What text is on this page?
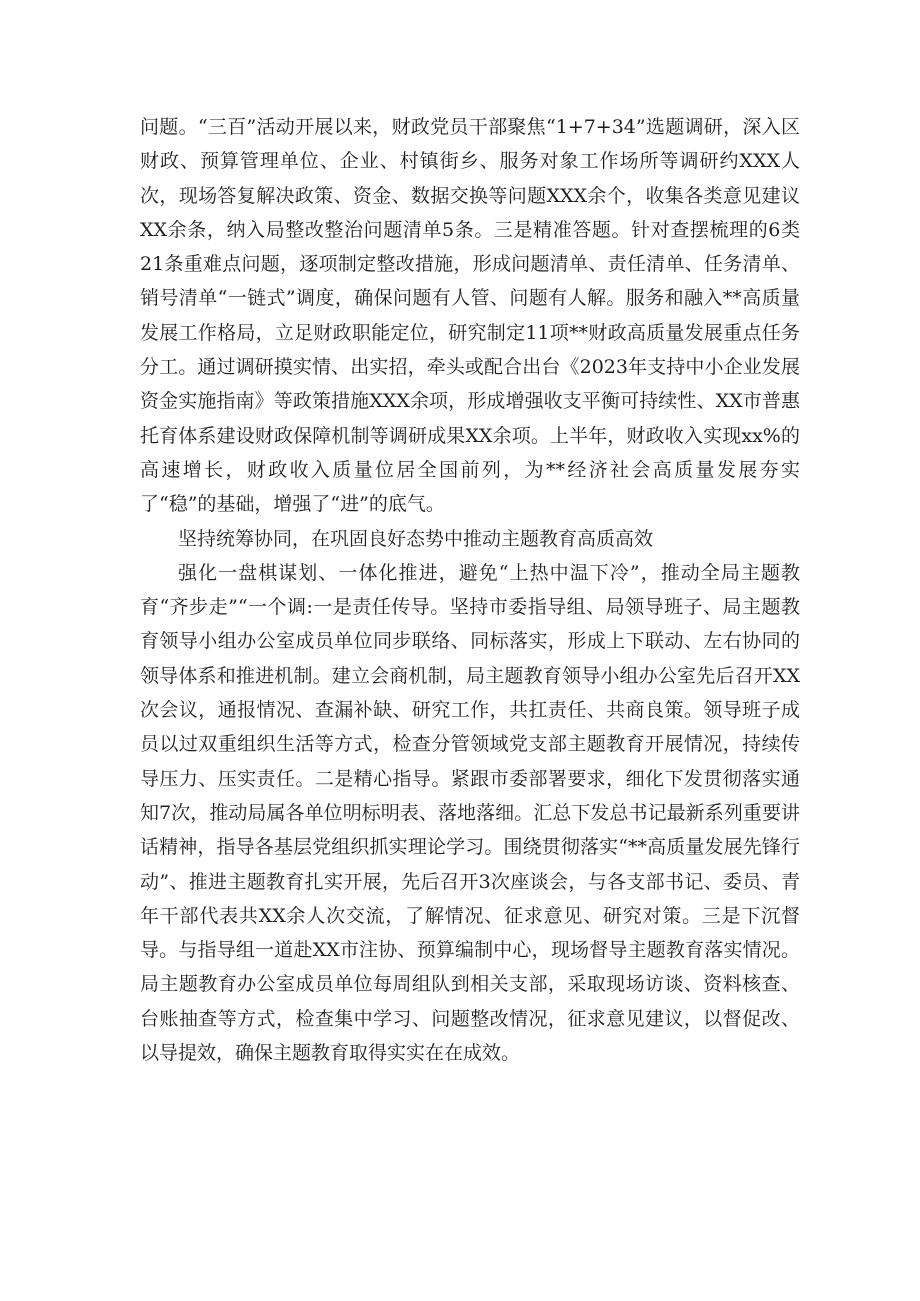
问题。“三百”活动开展以来，财政党员干部聚焦“1+7+34”选题调研，深入区财政、预算管理单位、企业、村镇街乡、服务对象工作场所等调研约XXX人次，现场答复解决政策、资金、数据交换等问题XXX余个，收集各类意见建议XX余条，纳入局整改整治问题清单5条。三是精准答题。针对查摆梳理的6类21条重难点问题，逐项制定整改措施，形成问题清单、责任清单、任务清单、销号清单“一链式”调度，确保问题有人管、问题有人解。服务和融入**高质量发展工作格局，立足财政职能定位，研究制定11项**财政高质量发展重点任务分工。通过调研摸实情、出实招，牵头或配合出台《2023年支持中小企业发展资金实施指南》等政策措施XXX余项，形成增强收支平衡可持续性、XX市普惠托育体系建设财政保障机制等调研成果XX余项。上半年，财政收入实现xx%的高速增长，财政收入质量位居全国前列，为**经济社会高质量发展夯实了“稳”的基础，增强了“进”的底气。

坚持统筹协同，在巩固良好态势中推动主题教育高质高效

强化一盘棋谋划、一体化推进，避免“上热中温下冷”，推动全局主题教育“齐步走”“一个调:一是责任传导。坚持市委指导组、局领导班子、局主题教育领导小组办公室成员单位同步联络、同标落实，形成上下联动、左右协同的领导体系和推进机制。建立会商机制，局主题教育领导小组办公室先后召开XX次会议，通报情况、查漏补缺、研究工作，共扛责任、共商良策。领导班子成员以过双重组织生活等方式，检查分管领域党支部主题教育开展情况，持续传导压力、压实责任。二是精心指导。紧跟市委部署要求，细化下发贯彻落实通知7次，推动局属各单位明标明表、落地落细。汇总下发总书记最新系列重要讲话精神，指导各基层党组织抓实理论学习。围绕贯彻落实“**高质量发展先锋行动”、推进主题教育扎实开展，先后召开3次座谈会，与各支部书记、委员、青年干部代表共XX余人次交流，了解情况、征求意见、研究对策。三是下沉督导。与指导组一道赴XX市注协、预算编制中心，现场督导主题教育落实情况。局主题教育办公室成员单位每周组队到相关支部，采取现场访谈、资料核查、台账抽查等方式，检查集中学习、问题整改情况，征求意见建议，以督促改、以导提效，确保主题教育取得实实在在成效。
